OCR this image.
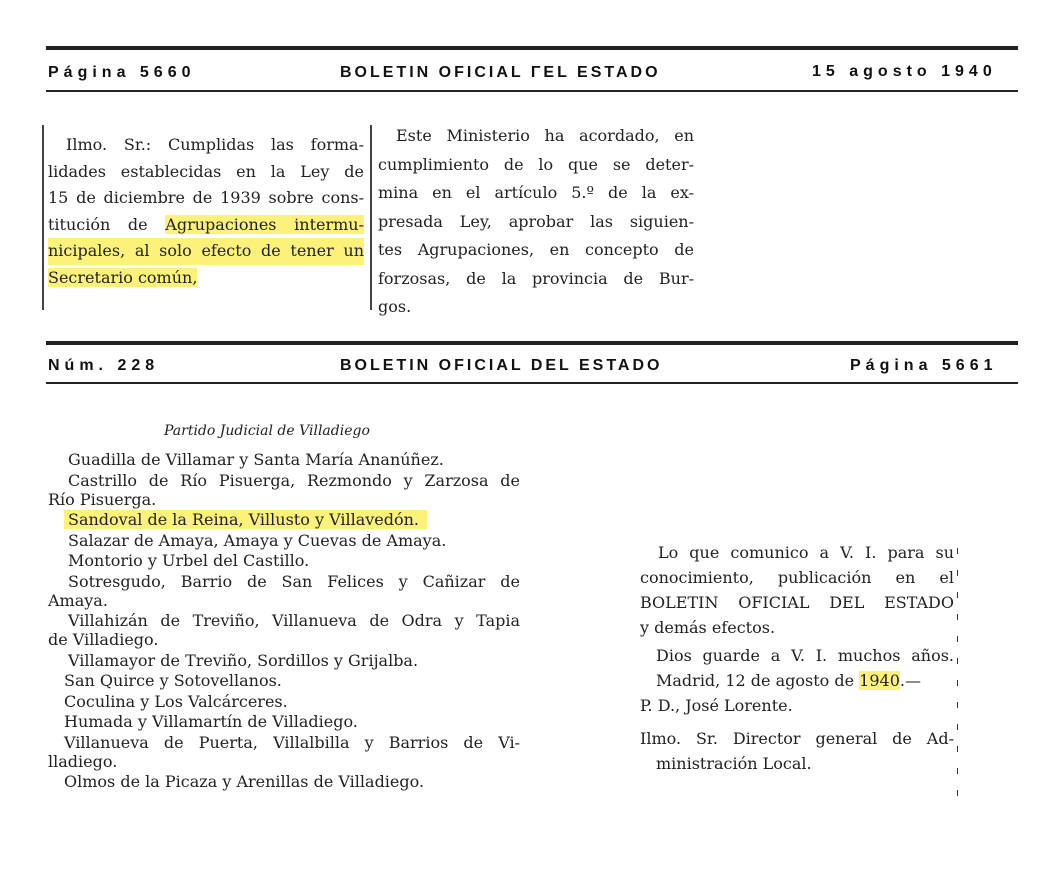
Página 5660	BOLETIN OFICIAL ΓEL ESTADO	15 agosto 1940
Ilmo. Sr.: Cumplidas las forma-
lidades establecidas en la Ley de
15 de diciembre de 1939 sobre cons-
titución de Agrupaciones intermu-
nicipales, al solo efecto de tener un
Secretario común,
Este Ministerio ha acordado, en
cumplimiento de lo que se deter-
mina en el artículo 5.º de la ex-
presada Ley, aprobar las siguien-
tes Agrupaciones, en concepto de
forzosas, de la provincia de Bur-
gos.
Núm. 228	BOLETIN OFICIAL DEL ESTADO	Página 5661
Partido Judicial de Villadiego
Guadilla de Villamar y Santa María Ananúñez.
Castrillo de Río Pisuerga, Rezmondo y Zarzosa de
Río Pisuerga.
Sandoval de la Reina, Villusto y Villavedón.
Salazar de Amaya, Amaya y Cuevas de Amaya.
Montorio y Urbel del Castillo.
Sotresgudo, Barrio de San Felices y Cañizar de
Amaya.
Villahizán de Treviño, Villanueva de Odra y Tapia
de Villadiego.
Villamayor de Treviño, Sordillos y Grijalba.
San Quirce y Sotovellanos.
Coculina y Los Valcárceres.
Humada y Villamartín de Villadiego.
Villanueva de Puerta, Villalbilla y Barrios de Vi-
lladiego.
Olmos de la Picaza y Arenillas de Villadiego.
Lo que comunico a V. I. para su
conocimiento, publicación en el
BOLETIN OFICIAL DEL ESTADO
y demás efectos.
Dios guarde a V. I. muchos años.
Madrid, 12 de agosto de 1940.—
P. D., José Lorente.
Ilmo. Sr. Director general de Ad-
ministración Local.
